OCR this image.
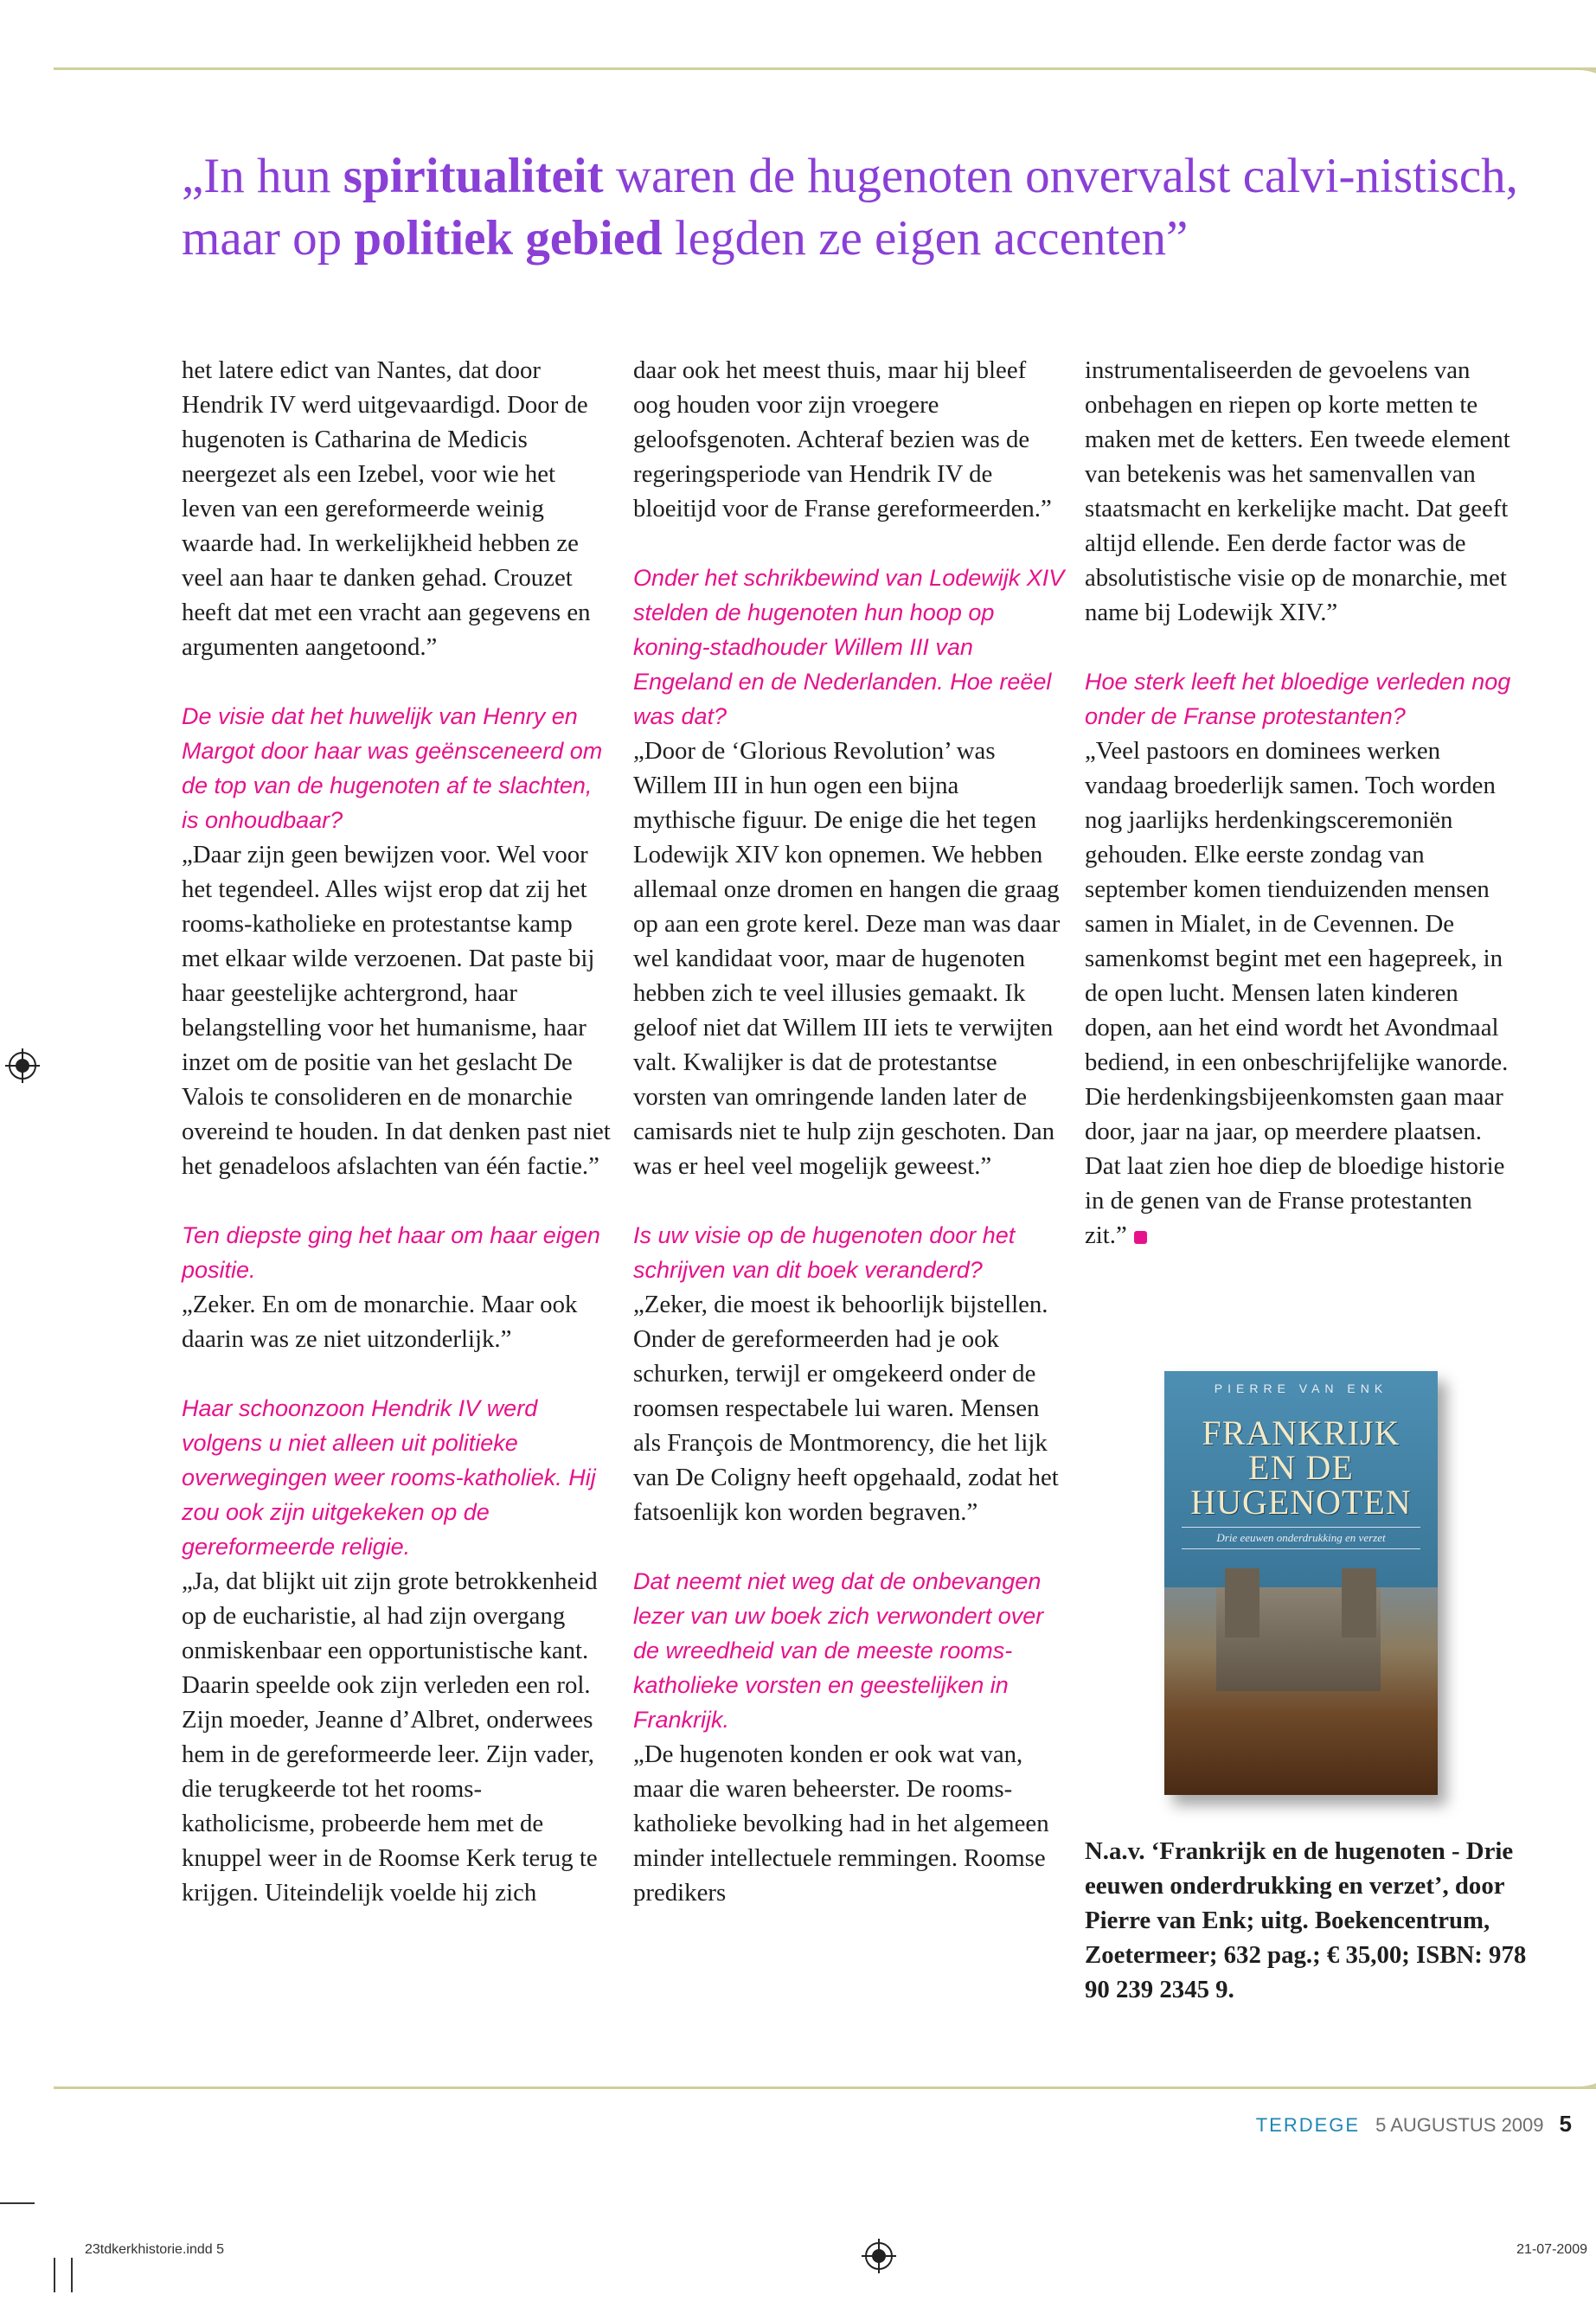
„In hun spiritualiteit waren de hugenoten onvervalst calvi-nistisch, maar op politiek gebied legden ze eigen accenten”

het latere edict van Nantes, dat door Hendrik IV werd uitgevaardigd. Door de hugenoten is Catharina de Medicis neergezet als een Izebel, voor wie het leven van een gereformeerde weinig waarde had. In werkelijkheid hebben ze veel aan haar te danken gehad. Crouzet heeft dat met een vracht aan gegevens en argumenten aangetoond.”

De visie dat het huwelijk van Henry en Margot door haar was geënsceneerd om de top van de hugenoten af te slachten, is onhoudbaar?
„Daar zijn geen bewijzen voor. Wel voor het tegendeel. Alles wijst erop dat zij het rooms-katholieke en protestantse kamp met elkaar wilde verzoenen. Dat paste bij haar geestelijke achtergrond, haar belangstelling voor het humanisme, haar inzet om de positie van het geslacht De Valois te consolideren en de monarchie overeind te houden. In dat denken past niet het genadeloos afslachten van één factie.”

Ten diepste ging het haar om haar eigen positie.
„Zeker. En om de monarchie. Maar ook daarin was ze niet uitzonderlijk.”

Haar schoonzoon Hendrik IV werd volgens u niet alleen uit politieke overwegingen weer rooms-katholiek. Hij zou ook zijn uitgekeken op de gereformeerde religie.
„Ja, dat blijkt uit zijn grote betrokkenheid op de eucharistie, al had zijn overgang onmiskenbaar een opportunistische kant. Daarin speelde ook zijn verleden een rol. Zijn moeder, Jeanne d’Albret, onderwees hem in de gereformeerde leer. Zijn vader, die terugkeerde tot het rooms-katholicisme, probeerde hem met de knuppel weer in de Roomse Kerk terug te krijgen. Uiteindelijk voelde hij zich

daar ook het meest thuis, maar hij bleef oog houden voor zijn vroegere geloofsgenoten. Achteraf bezien was de regeringsperiode van Hendrik IV de bloeitijd voor de Franse gereformeerden.”

Onder het schrikbewind van Lodewijk XIV stelden de hugenoten hun hoop op koning-stadhouder Willem III van Engeland en de Nederlanden. Hoe reëel was dat?
„Door de ‘Glorious Revolution’ was Willem III in hun ogen een bijna mythische figuur. De enige die het tegen Lodewijk XIV kon opnemen. We hebben allemaal onze dromen en hangen die graag op aan een grote kerel. Deze man was daar wel kandidaat voor, maar de hugenoten hebben zich te veel illusies gemaakt. Ik geloof niet dat Willem III iets te verwijten valt. Kwalijker is dat de protestantse vorsten van omringende landen later de camisards niet te hulp zijn geschoten. Dan was er heel veel mogelijk geweest.”

Is uw visie op de hugenoten door het schrijven van dit boek veranderd?
„Zeker, die moest ik behoorlijk bijstellen. Onder de gereformeerden had je ook schurken, terwijl er omgekeerd onder de roomsen respectabele lui waren. Mensen als François de Montmorency, die het lijk van De Coligny heeft opgehaald, zodat het fatsoenlijk kon worden begraven.”

Dat neemt niet weg dat de onbevangen lezer van uw boek zich verwondert over de wreedheid van de meeste rooms-katholieke vorsten en geestelijken in Frankrijk.
„De hugenoten konden er ook wat van, maar die waren beheerster. De rooms-katholieke bevolking had in het algemeen minder intellectuele remmingen. Roomse predikers

instrumentaliseerden de gevoelens van onbehagen en riepen op korte metten te maken met de ketters. Een tweede element van betekenis was het samenvallen van staatsmacht en kerkelijke macht. Dat geeft altijd ellende. Een derde factor was de absolutistische visie op de monarchie, met name bij Lodewijk XIV.”

Hoe sterk leeft het bloedige verleden nog onder de Franse protestanten?
„Veel pastoors en dominees werken vandaag broederlijk samen. Toch worden nog jaarlijks herdenkingsceremoniën gehouden. Elke eerste zondag van september komen tienduizenden mensen samen in Mialet, in de Cevennen. De samenkomst begint met een hagepreek, in de open lucht. Mensen laten kinderen dopen, aan het eind wordt het Avondmaal bediend, in een onbeschrijfelijke wanorde. Die herdenkingsbijeenkomsten gaan maar door, jaar na jaar, op meerdere plaatsen. Dat laat zien hoe diep de bloedige historie in de genen van de Franse protestanten zit.”

PIERRE VAN ENK
FRANKRIJK
EN DE
HUGENOTEN
Drie eeuwen onderdrukking en verzet
N.a.v. ‘Frankrijk en de hugenoten - Drie eeuwen onderdrukking en verzet’, door Pierre van Enk; uitg. Boekencentrum, Zoetermeer; 632 pag.; € 35,00; ISBN: 978 90 239 2345 9.
TERDEGE 5 AUGUSTUS 2009 5
23tdkerkhistorie.indd 5	21-07-2009
